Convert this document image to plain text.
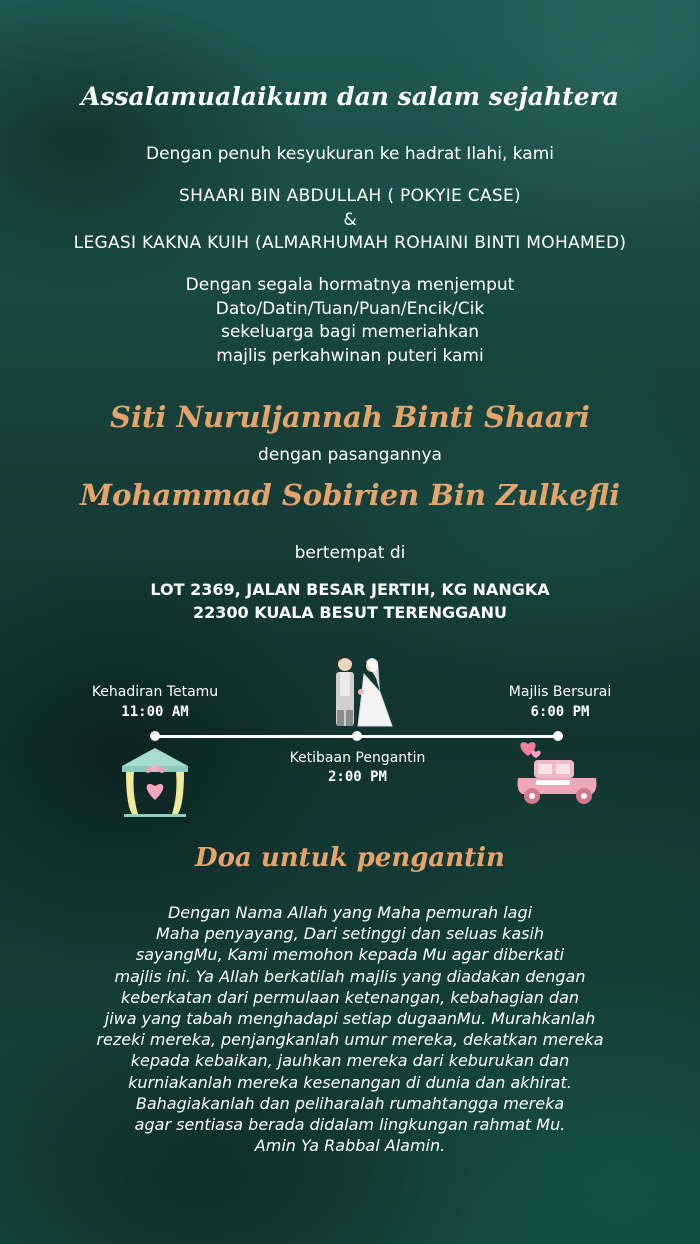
Assalamualaikum dan salam sejahtera
Dengan penuh kesyukuran ke hadrat Ilahi, kami
SHAARI BIN ABDULLAH ( POKYIE CASE)
&
LEGASI KAKNA KUIH (ALMARHUMAH ROHAINI BINTI MOHAMED)
Dengan segala hormatnya menjemput
Dato/Datin/Tuan/Puan/Encik/Cik
sekeluarga bagi memeriahkan
majlis perkahwinan puteri kami
Siti Nuruljannah Binti Shaari
dengan pasangannya
Mohammad Sobirien Bin Zulkefli
bertempat di
LOT 2369, JALAN BESAR JERTIH, KG NANGKA
22300 KUALA BESUT TERENGGANU
Kehadiran Tetamu
11:00 AM
Majlis Bersurai
6:00 PM
Ketibaan Pengantin
2:00 PM
Doa untuk pengantin
Dengan Nama Allah yang Maha pemurah lagi
Maha penyayang, Dari setinggi dan seluas kasih
sayangMu, Kami memohon kepada Mu agar diberkati
majlis ini. Ya Allah berkatilah majlis yang diadakan dengan
keberkatan dari permulaan ketenangan, kebahagian dan
jiwa yang tabah menghadapi setiap dugaanMu. Murahkanlah
rezeki mereka, penjangkanlah umur mereka, dekatkan mereka
kepada kebaikan, jauhkan mereka dari keburukan dan
kurniakanlah mereka kesenangan di dunia dan akhirat.
Bahagiakanlah dan peliharalah rumahtangga mereka
agar sentiasa berada didalam lingkungan rahmat Mu.
Amin Ya Rabbal Alamin.
